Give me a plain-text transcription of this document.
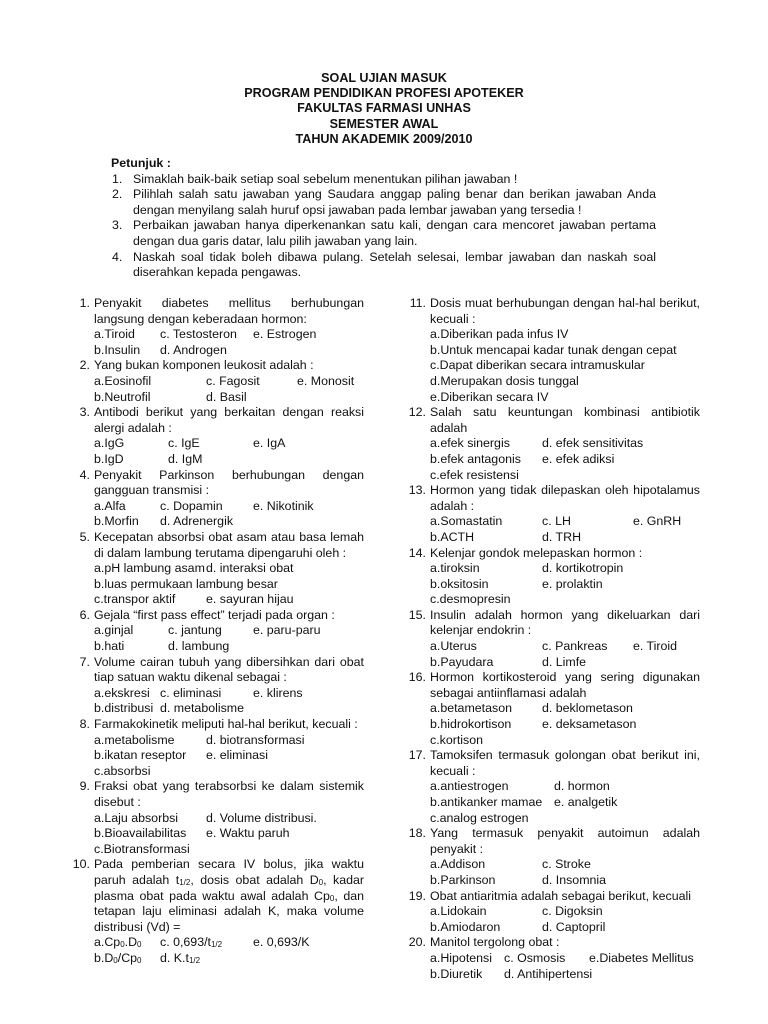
SOAL UJIAN MASUK
PROGRAM PENDIDIKAN PROFESI APOTEKER
FAKULTAS FARMASI UNHAS
SEMESTER AWAL
TAHUN AKADEMIK 2009/2010
Petunjuk :
1. Simaklah baik-baik setiap soal sebelum menentukan pilihan jawaban !
2. Pilihlah salah satu jawaban yang Saudara anggap paling benar dan berikan jawaban Anda dengan menyilang salah huruf opsi jawaban pada lembar jawaban yang tersedia !
3. Perbaikan jawaban hanya diperkenankan satu kali, dengan cara mencoret jawaban pertama dengan dua garis datar, lalu pilih jawaban yang lain.
4. Naskah soal tidak boleh dibawa pulang. Setelah selesai, lembar jawaban dan naskah soal diserahkan kepada pengawas.
1. Penyakit diabetes mellitus berhubungan langsung dengan keberadaan hormon:
a.Tiroid c. Testosteron e. Estrogen
b.Insulin d. Androgen
2. Yang bukan komponen leukosit adalah :
a.Eosinofil	c. Fagosit	e. Monosit
b.Neutrofil	d. Basil
3. Antibodi berikut yang berkaitan dengan reaksi alergi adalah :
a.IgG	c. IgE	e. IgA
b.IgD	d. IgM
4. Penyakit Parkinson berhubungan dengan gangguan transmisi :
a.Alfa	c. Dopamin e. Nikotinik
b.Morfin d. Adrenergik
5. Kecepatan absorbsi obat asam atau basa lemah di dalam lambung terutama dipengaruhi oleh :
a.pH lambung asam d. interaksi obat
b.luas permukaan lambung besar
c.transpor aktif e. sayuran hijau
6. Gejala “first pass effect” terjadi pada organ :
a.ginjal	c. jantung	e. paru-paru
b.hati	d. lambung
7. Volume cairan tubuh yang dibersihkan dari obat tiap satuan waktu dikenal sebagai :
a.ekskresi c. eliminasi	e. klirens
b.distribusi d. metabolisme
8. Farmakokinetik meliputi hal-hal berikut, kecuali :
a.metabolisme	d. biotransformasi
b.ikatan reseptor e. eliminasi
c.absorbsi
9. Fraksi obat yang terabsorbsi ke dalam sistemik disebut :
a.Laju absorbsi d. Volume distribusi.
b.Bioavailabilitas e. Waktu paruh
c.Biotransformasi
10. Pada pemberian secara IV bolus, jika waktu paruh adalah $t_{1/2}$, dosis obat adalah $D_0$, kadar plasma obat pada waktu awal adalah $Cp_0$, dan tetapan laju eliminasi adalah K, maka volume distribusi (Vd) =
$a.Cp_0.D_0$ c. $0,693/t_{1/2}$ e. 0,693/K
$b.D_0/Cp_0$ d. $K.t_{1/2}$
11. Dosis muat berhubungan dengan hal-hal berikut, kecuali :
a.Diberikan pada infus IV
b.Untuk mencapai kadar tunak dengan cepat
c.Dapat diberikan secara intramuskular
d.Merupakan dosis tunggal
e.Diberikan secara IV
12. Salah satu keuntungan kombinasi antibiotik adalah
a.efek sinergis	d. efek sensitivitas
b.efek antagonis e. efek adiksi
c.efek resistensi
13. Hormon yang tidak dilepaskan oleh hipotalamus adalah :
a.Somastatin	c. LH	e. GnRH
b.ACTH	d. TRH
14. Kelenjar gondok melepaskan hormon :
a.tiroksin	d. kortikotropin
b.oksitosin	e. prolaktin
c.desmopresin
15. Insulin adalah hormon yang dikeluarkan dari kelenjar endokrin :
a.Uterus	c. Pankreas e. Tiroid
b.Payudara	d. Limfe
16. Hormon kortikosteroid yang sering digunakan sebagai antiinflamasi adalah
a.betametason d. beklometason
b.hidrokortison e. deksametason
c.kortison
17. Tamoksifen termasuk golongan obat berikut ini, kecuali :
a.antiestrogen	d. hormon
b.antikanker mamae e. analgetik
c.analog estrogen
18. Yang termasuk penyakit autoimun adalah penyakit :
a.Addison	c. Stroke
b.Parkinson	d. Insomnia
19. Obat antiaritmia adalah sebagai berikut, kecuali
a.Lidokain	c. Digoksin
b.Amiodaron	d. Captopril
20. Manitol tergolong obat :
a.Hipotensi c. Osmosis e.Diabetes Mellitus
b.Diuretik d. Antihipertensi
